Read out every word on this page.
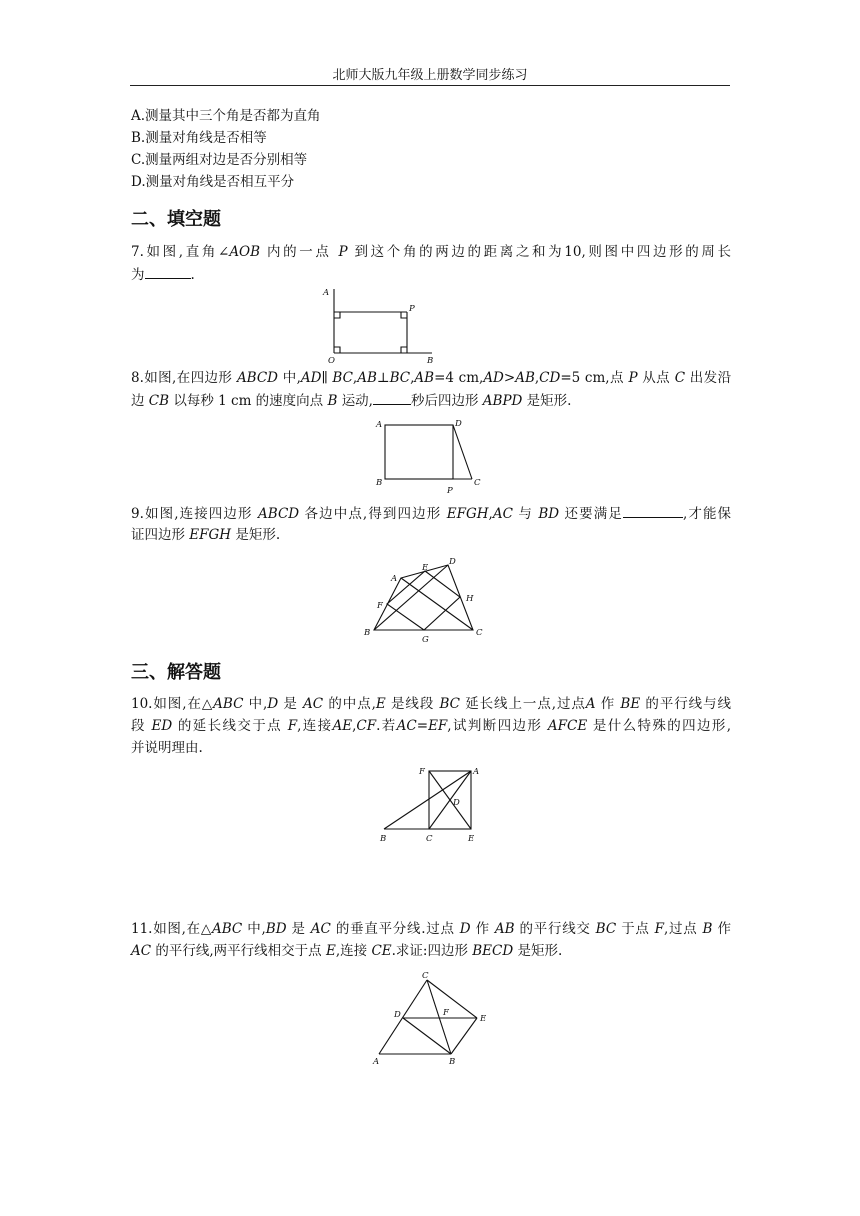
北师大版九年级上册数学同步练习
A.测量其中三个角是否都为直角
B.测量对角线是否相等
C.测量两组对边是否分别相等
D.测量对角线是否相互平分
二、填空题
7.如图,直角∠AOB 内的一点 P 到这个角的两边的距离之和为10,则图中四边形的周长
为	.
A
P
O	B
8.如图,在四边形 ABCD 中,AD∥ BC,AB⊥BC,AB=4 cm,AD>AB,CD=5 cm,点 P 从点 C 出发沿
边 CB 以每秒 1 cm 的速度向点 B 运动,	秒后四边形 ABPD 是矩形.
A	D
B
P
C
9.如图,连接四边形 ABCD 各边中点,得到四边形 EFGH,AC 与 BD 还要满足	,才能保
证四边形 EFGH 是矩形.
A
E
D
F
H
B
G
C
三、解答题
10.如图,在△ABC 中,D 是 AC 的中点,E 是线段 BC 延长线上一点,过点A 作 BE 的平行线与线
段 ED 的延长线交于点 F,连接AE,CF.若AC=EF,试判断四边形 AFCE 是什么特殊的四边形,
并说明理由.
F	A
D
B	C	E
11.如图,在△ABC 中,BD 是 AC 的垂直平分线.过点 D 作 AB 的平行线交 BC 于点 F,过点 B 作
AC 的平行线,两平行线相交于点 E,连接 CE.求证:四边形 BECD 是矩形.
C
D	F
E
A	B
